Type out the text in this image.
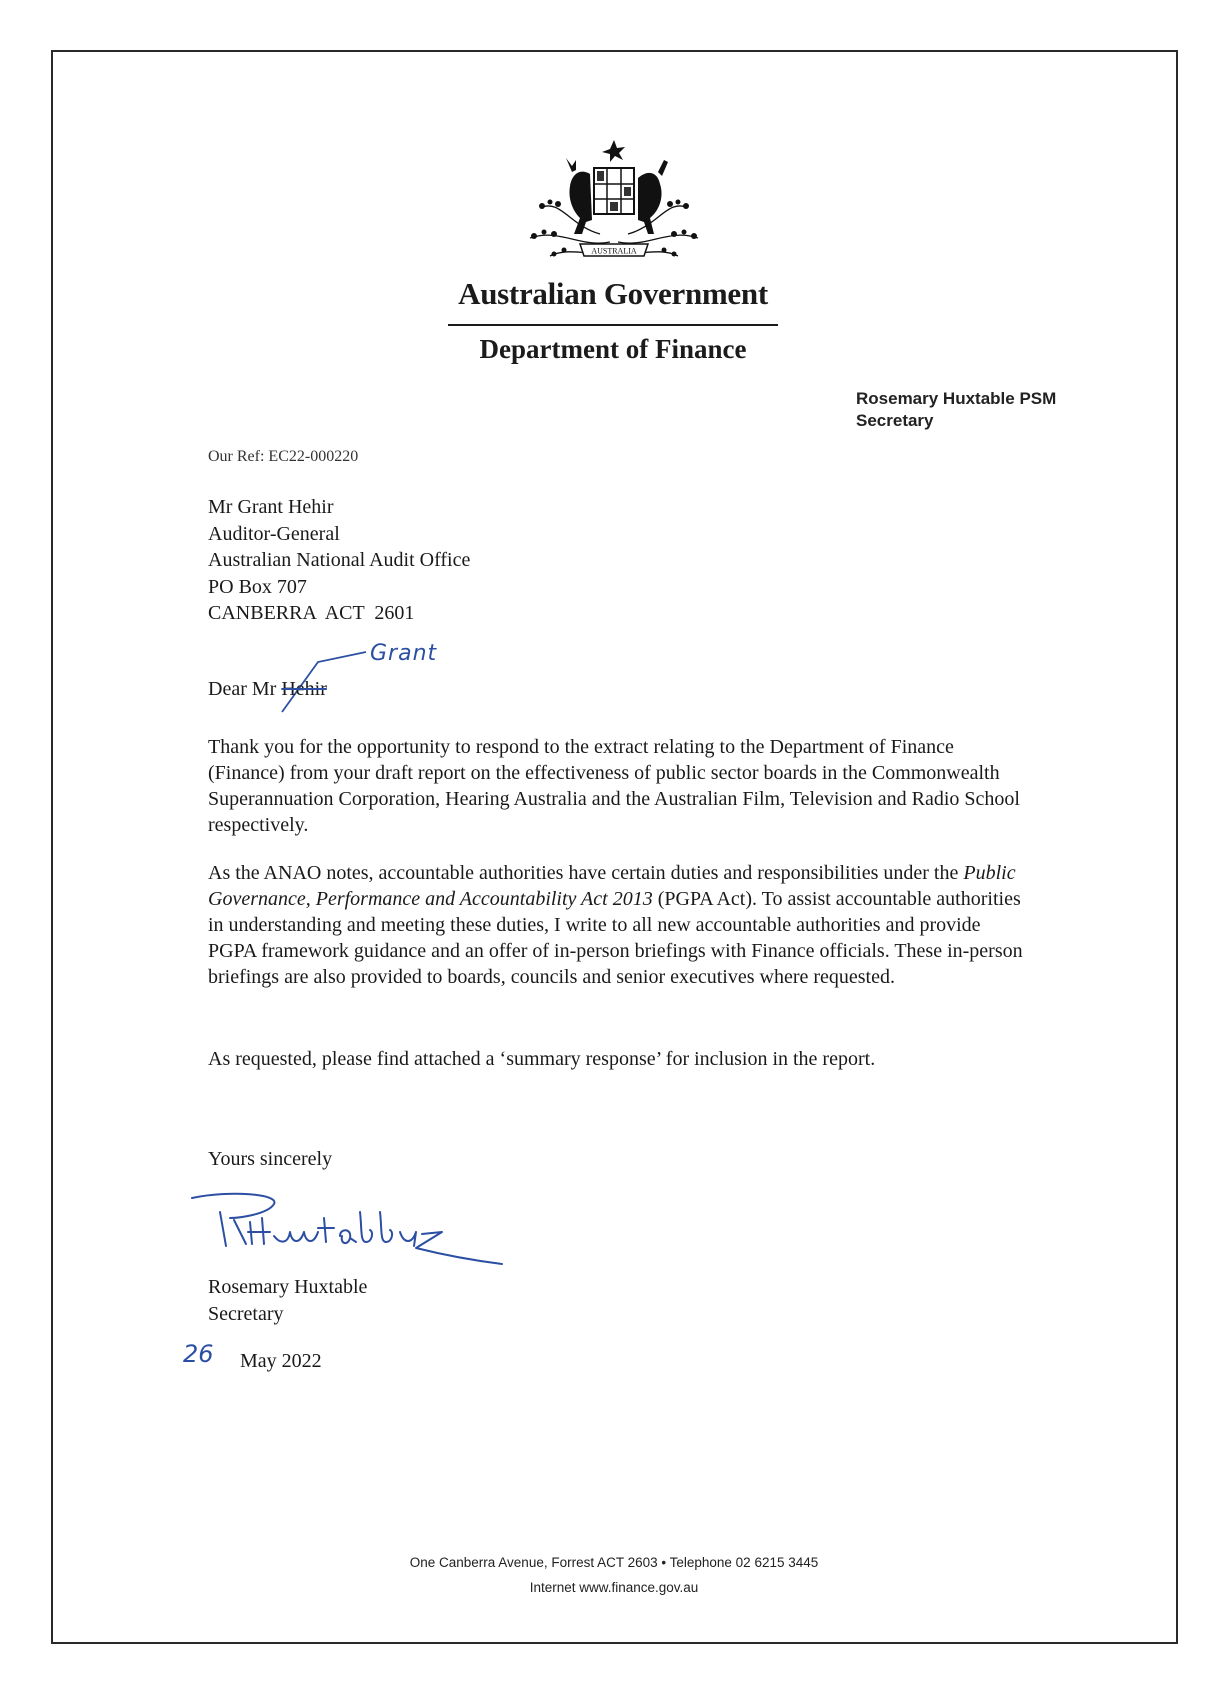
AUSTRALIA
Australian Government
Department of Finance
Rosemary Huxtable PSM
Secretary
Our Ref: EC22-000220
Mr Grant Hehir
Auditor-General
Australian National Audit Office
PO Box 707
CANBERRA  ACT  2601
Grant
Dear Mr Hehir

Thank you for the opportunity to respond to the extract relating to the Department of Finance (Finance) from your draft report on the effectiveness of public sector boards in the Commonwealth Superannuation Corporation, Hearing Australia and the Australian Film, Television and Radio School respectively.

As the ANAO notes, accountable authorities have certain duties and responsibilities under the Public Governance, Performance and Accountability Act 2013 (PGPA Act). To assist accountable authorities in understanding and meeting these duties, I write to all new accountable authorities and provide PGPA framework guidance and an offer of in-person briefings with Finance officials. These in-person briefings are also provided to boards, councils and senior executives where requested.

As requested, please find attached a ‘summary response’ for inclusion in the report.

Yours sincerely
Rosemary Huxtable
Secretary
26 May 2022
One Canberra Avenue, Forrest ACT 2603 • Telephone 02 6215 3445
Internet www.finance.gov.au
